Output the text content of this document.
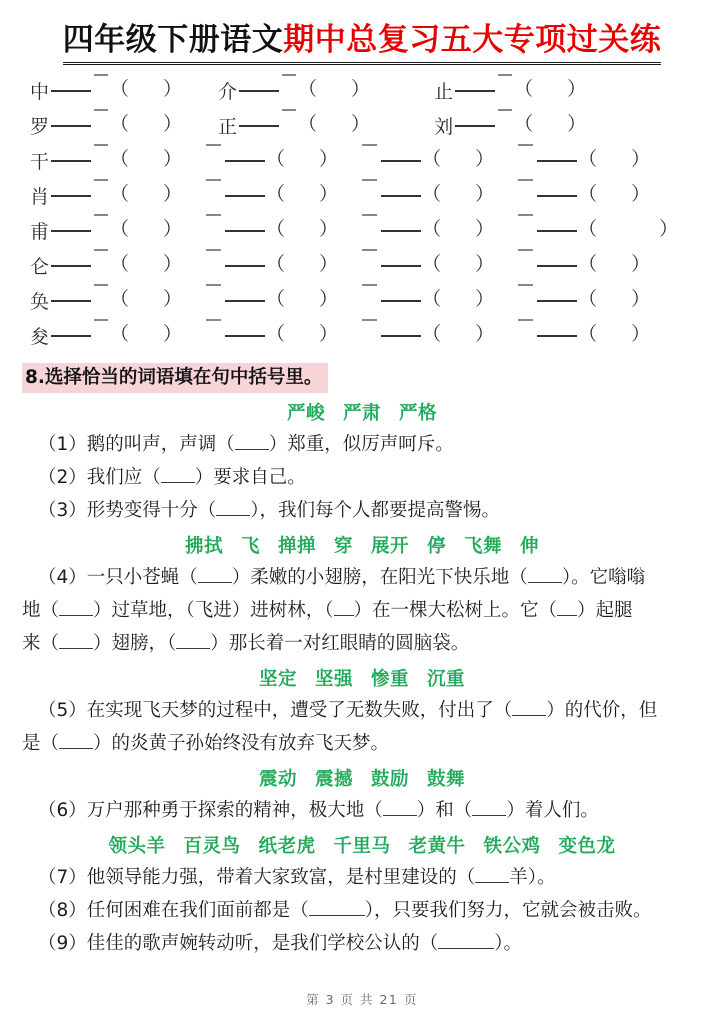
四年级下册语文期中总复习五大专项过关练
中	（ ） 介	（ ）	止	（ ）
罗	（ ） 正	（ ）	刘	（ ）
干	（ ）	（ ）	（ ）	（ ）
肖	（ ）	（ ）	（ ）	（ ）
甫	（ ）	（ ）	（ ）	（	）
仑	（ ）	（ ）	（ ）	（ ）
奂	（ ）	（ ）	（ ）	（ ）
夋	（ ）	（ ）	（ ）	（ ）
8.选择恰当的词语填在句中括号里。
严峻 严肃 严格
（1）鹅的叫声，声调（ ）郑重，似厉声呵斥。
（2）我们应（ ）要求自己。
（3）形势变得十分（ ），我们每个人都要提高警惕。
拂拭 飞 掸掸 穿 展开 停 飞舞 伸
（4）一只小苍蝇（ ）柔嫩的小翅膀，在阳光下快乐地（ ）。它嗡嗡
地（ ）过草地，（飞进）进树林，（ ）在一棵大松树上。它（ ）起腿
来（ ）翅膀，（ ）那长着一对红眼睛的圆脑袋。
坚定 坚强 惨重 沉重
（5）在实现飞天梦的过程中，遭受了无数失败，付出了（ ）的代价，但
是（ ）的炎黄子孙始终没有放弃飞天梦。
震动 震撼 鼓励 鼓舞
（6）万户那种勇于探索的精神，极大地（ ）和（ ）着人们。
领头羊 百灵鸟 纸老虎 千里马 老黄牛 铁公鸡 变色龙
（7）他领导能力强，带着大家致富，是村里建设的（ 羊）。
（8）任何困难在我们面前都是（	），只要我们努力，它就会被击败。
（9）佳佳的歌声婉转动听，是我们学校公认的（	）。
第 3 页 共 21 页
